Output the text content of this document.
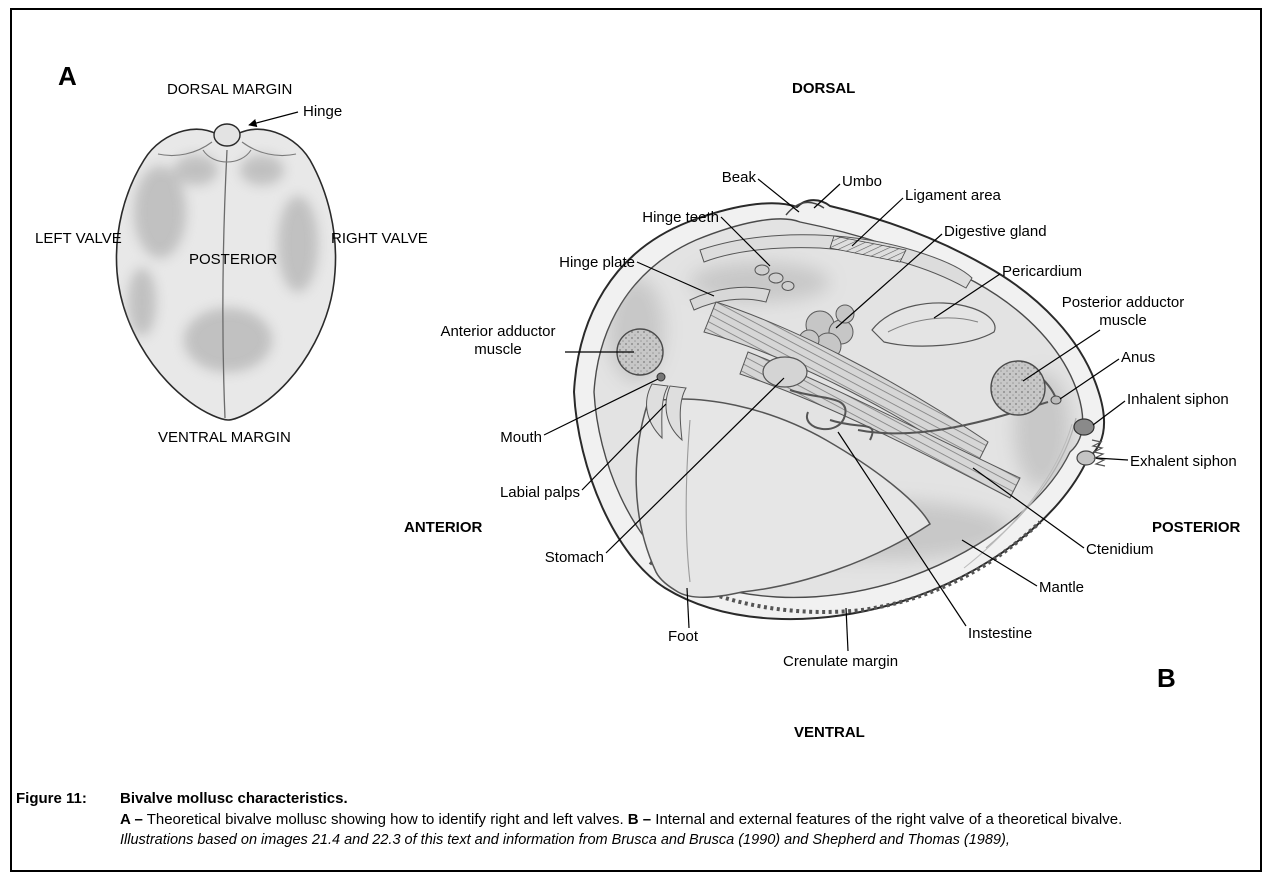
A	DORSAL MARGIN
Hinge
LEFT VALVE	RIGHT VALVE
POSTERIOR
VENTRAL MARGIN
DORSAL
ANTERIOR	POSTERIOR
VENTRAL
B
Beak	Umbo
Ligament area
Hinge teeth
Digestive gland
Hinge plate
Pericardium
Posterior adductor muscle
Anus
Inhalent siphon
Exhalent siphon
Anterior adductor muscle
Mouth
Labial palps
Stomach	Ctenidium
Mantle
Foot
Crenulate margin
Instestine
Figure 11: Bivalve mollusc characteristics.
A – Theoretical bivalve mollusc showing how to identify right and left valves. B – Internal and external features of the right valve of a theoretical bivalve.
Illustrations based on images 21.4 and 22.3 of this text and information from Brusca and Brusca (1990) and Shepherd and Thomas (1989),
